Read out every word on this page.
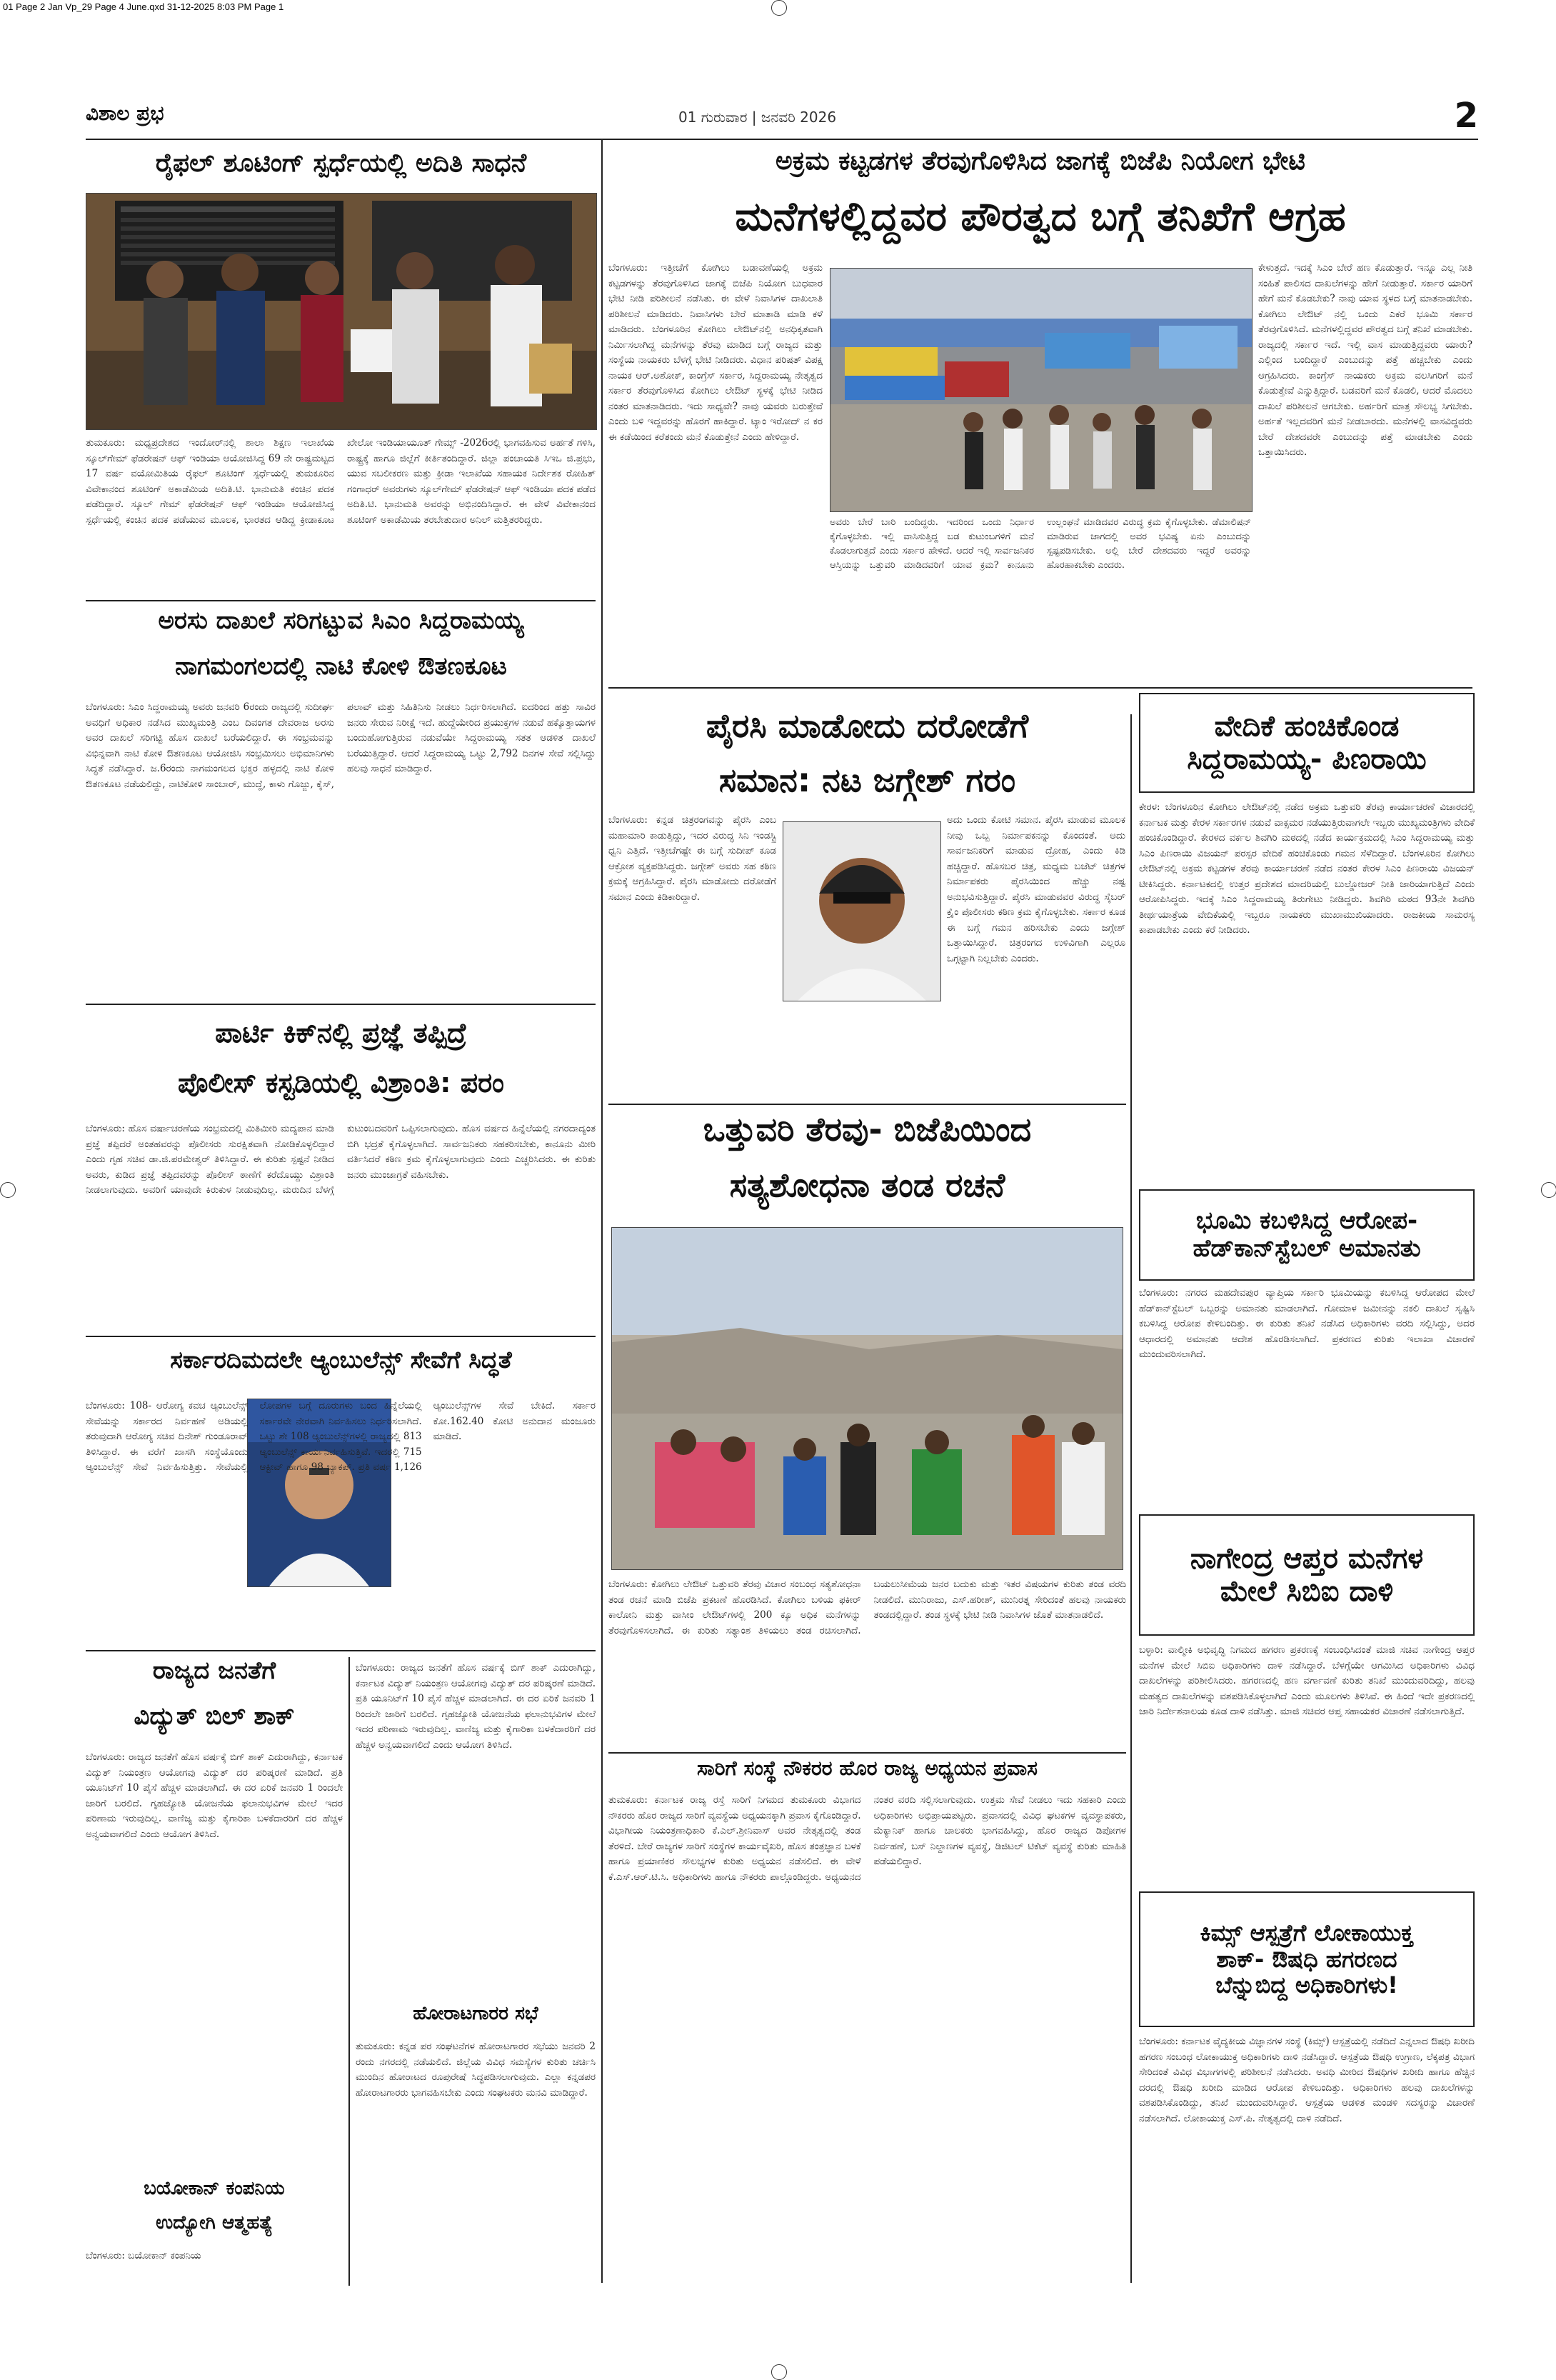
01 Page 2 Jan Vp_29 Page 4 June.qxd 31-12-2025 8:03 PM Page 1
ವಿಶಾಲ ಪ್ರಭ	01 ಗುರುವಾರ | ಜನವರಿ 2026	2
ರೈಫಲ್ ಶೂಟಿಂಗ್ ಸ್ಪರ್ಧೆಯಲ್ಲಿ ಅದಿತಿ ಸಾಧನೆ
ತುಮಕೂರು: ಮಧ್ಯಪ್ರದೇಶದ ಇಂದೋರ್‌ನಲ್ಲಿ ಶಾಲಾ ಶಿಕ್ಷಣ ಇಲಾಖೆಯ ಸ್ಕೂಲ್‌ಗೇಮ್ ಫೆಡರೇಷನ್ ಆಫ್ ಇಂಡಿಯಾ ಆಯೋಜಿಸಿದ್ದ 69 ನೇ ರಾಷ್ಟ್ರಮಟ್ಟದ 17 ವರ್ಷ ವಯೋಮಿತಿಯ ರೈಫಲ್ ಶೂಟಿಂಗ್ ಸ್ಪರ್ಧೆಯಲ್ಲಿ ತುಮಕೂರಿನ ವಿವೇಕಾನಂದ ಶೂಟಿಂಗ್ ಅಕಾಡೆಮಿಯ ಅದಿತಿ.ಟಿ. ಭಾನುಮತಿ ಕಂಚಿನ ಪದಕ ಪಡೆದಿದ್ದಾರೆ. ಸ್ಕೂಲ್ ಗೇಮ್ ಫೆಡರೇಷನ್ ಆಫ್ ಇಂಡಿಯಾ ಆಯೋಜಿಸಿದ್ದ ಸ್ಪರ್ಧೆಯಲ್ಲಿ ಕಂಚಿನ ಪದಕ ಪಡೆಯುವ ಮೂಲಕ, ಭಾರತದ ಆಡಿದ್ದ ಕ್ರೀಡಾಕೂಟ ಖೇಲೋ ಇಂಡಿಯಾಯೂತ್ ಗೇಮ್ಸ್ -2026ರಲ್ಲಿ ಭಾಗವಹಿಸುವ ಅರ್ಹತೆ ಗಳಿಸಿ, ರಾಷ್ಟ್ರಕ್ಕೆ ಹಾಗೂ ಜಿಲ್ಲೆಗೆ ಕೀರ್ತಿತಂದಿದ್ದಾರೆ. ಜಿಲ್ಲಾ ಪಂಚಾಯತಿ ಸಿಇಒ ಜಿ.ಪ್ರಭು, ಯುವ ಸಬಲೀಕರಣ ಮತ್ತು ಕ್ರೀಡಾ ಇಲಾಖೆಯ ಸಹಾಯಕ ನಿರ್ದೇಶಕ ರೋಹಿತ್ ಗಂಗಾಧರ್ ಅವರುಗಳು ಸ್ಕೂಲ್‌ಗೇಮ್ ಫೆಡರೇಷನ್ ಆಫ್ ಇಂಡಿಯಾ ಪದಕ ಪಡೆದ ಅದಿತಿ.ಟಿ. ಭಾನುಮತಿ ಅವರನ್ನು ಅಭಿನಂದಿಸಿದ್ದಾರೆ. ಈ ವೇಳೆ ವಿವೇಕಾನಂದ ಶೂಟಿಂಗ್ ಅಕಾಡೆಮಿಯ ತರಬೇತುದಾರ ಅನಿಲ್ ಮತ್ತಿತರರಿದ್ದರು.
ಅರಸು ದಾಖಲೆ ಸರಿಗಟ್ಟುವ ಸಿಎಂ ಸಿದ್ದರಾಮಯ್ಯ
ನಾಗಮಂಗಲದಲ್ಲಿ ನಾಟಿ ಕೋಳಿ ಔತಣಕೂಟ
ಬೆಂಗಳೂರು: ಸಿಎಂ ಸಿದ್ದರಾಮಯ್ಯ ಅವರು ಜನವರಿ 6ರಂದು ರಾಜ್ಯದಲ್ಲಿ ಸುದೀರ್ಘ ಅವಧಿಗೆ ಅಧಿಕಾರ ನಡೆಸಿದ ಮುಖ್ಯಮಂತ್ರಿ ಎಂಬ ದಿವಂಗತ ದೇವರಾಜ ಅರಸು ಅವರ ದಾಖಲೆ ಸರಿಗಟ್ಟಿ ಹೊಸ ದಾಖಲೆ ಬರೆಯಲಿದ್ದಾರೆ. ಈ ಸಂಭ್ರಮವನ್ನು ವಿಭಿನ್ನವಾಗಿ ನಾಟಿ ಕೋಳಿ ಔತಣಕೂಟ ಆಯೋಜಿಸಿ ಸಂಭ್ರಮಿಸಲು ಅಭಿಮಾನಿಗಳು ಸಿದ್ಧತೆ ನಡೆಸಿದ್ದಾರೆ. ಜ.6ರಂದು ನಾಗಮಂಗಲದ ಭಕ್ತರ ಹಳ್ಳದಲ್ಲಿ ನಾಟಿ ಕೋಳಿ ಔತಣಕೂಟ ನಡೆಯಲಿದ್ದು, ನಾಟಿಕೋಳಿ ಸಾಂಬಾರ್, ಮುದ್ದೆ, ಕಾಳು ಗೊಜ್ಜು, ಕೈಸ್, ಪಲಾವ್ ಮತ್ತು ಸಿಹಿತಿನಿಸು ನೀಡಲು ನಿರ್ಧರಿಸಲಾಗಿದೆ. ಐದರಿಂದ ಹತ್ತು ಸಾವಿರ ಜನರು ಸೇರುವ ನಿರೀಕ್ಷೆ ಇದೆ. ಹುದ್ದೆಯೇರಿದ ಪ್ರಯುಕ್ತಗಳ ನಡುವೆ ಹಕ್ಕೊತ್ತಾಯಗಳ ಬಂದುಹೋಗುತ್ತಿರುವ ನಡುವೆಯೇ ಸಿದ್ದರಾಮಯ್ಯ ಸತತ ಆಡಳಿತ ದಾಖಲೆ ಬರೆಯುತ್ತಿದ್ದಾರೆ. ಆದರೆ ಸಿದ್ದರಾಮಯ್ಯ ಒಟ್ಟು 2,792 ದಿನಗಳ ಸೇವೆ ಸಲ್ಲಿಸಿದ್ದು ಹಲವು ಸಾಧನೆ ಮಾಡಿದ್ದಾರೆ.
ಪಾರ್ಟಿ ಕಿಕ್‌ನಲ್ಲಿ ಪ್ರಜ್ಞೆ ತಪ್ಪಿದ್ರೆ
ಪೊಲೀಸ್ ಕಸ್ಟಡಿಯಲ್ಲಿ ವಿಶ್ರಾಂತಿ: ಪರಂ
ಬೆಂಗಳೂರು: ಹೊಸ ವರ್ಷಾಚರಣೆಯ ಸಂಭ್ರಮದಲ್ಲಿ ಮಿತಿಮೀರಿ ಮದ್ಯಪಾನ ಮಾಡಿ ಪ್ರಜ್ಞೆ ತಪ್ಪಿದರೆ ಅಂತಹವರನ್ನು ಪೊಲೀಸರು ಸುರಕ್ಷಿತವಾಗಿ ನೋಡಿಕೊಳ್ಳಲಿದ್ದಾರೆ ಎಂದು ಗೃಹ ಸಚಿವ ಡಾ.ಜಿ.ಪರಮೇಶ್ವರ್ ತಿಳಿಸಿದ್ದಾರೆ. ಈ ಕುರಿತು ಸ್ಪಷ್ಟನೆ ನೀಡಿದ ಅವರು, ಕುಡಿದ ಪ್ರಜ್ಞೆ ತಪ್ಪಿದವರನ್ನು ಪೊಲೀಸ್ ಠಾಣೆಗೆ ಕರೆದೊಯ್ದು ವಿಶ್ರಾಂತಿ ನೀಡಲಾಗುವುದು. ಅವರಿಗೆ ಯಾವುದೇ ಕಿರುಕುಳ ನೀಡುವುದಿಲ್ಲ. ಮರುದಿನ ಬೆಳಗ್ಗೆ ಕುಟುಂಬದವರಿಗೆ ಒಪ್ಪಿಸಲಾಗುವುದು. ಹೊಸ ವರ್ಷದ ಹಿನ್ನೆಲೆಯಲ್ಲಿ ನಗರದಾದ್ಯಂತ ಬಿಗಿ ಭದ್ರತೆ ಕೈಗೊಳ್ಳಲಾಗಿದೆ. ಸಾರ್ವಜನಿಕರು ಸಹಕರಿಸಬೇಕು, ಕಾನೂನು ಮೀರಿ ವರ್ತಿಸಿದರೆ ಕಠಿಣ ಕ್ರಮ ಕೈಗೊಳ್ಳಲಾಗುವುದು ಎಂದು ಎಚ್ಚರಿಸಿದರು. ಈ ಕುರಿತು ಜನರು ಮುಂಜಾಗ್ರತೆ ವಹಿಸಬೇಕು.
ಸರ್ಕಾರದಿಮದಲೇ ಆ್ಯಂಬುಲೆನ್ಸ್ ಸೇವೆಗೆ ಸಿದ್ಧತೆ
ಬೆಂಗಳೂರು: 108- ಆರೋಗ್ಯ ಕವಚ ಆ್ಯಂಬುಲೆನ್ಸ್ ಸೇವೆಯನ್ನು ಸರ್ಕಾರದ ನಿರ್ವಹಣೆ ಅಡಿಯಲ್ಲಿ ತರುವುದಾಗಿ ಆರೋಗ್ಯ ಸಚಿವ ದಿನೇಶ್ ಗುಂಡೂರಾವ್ ತಿಳಿಸಿದ್ದಾರೆ. ಈ ವರೆಗೆ ಖಾಸಗಿ ಸಂಸ್ಥೆಯೊಂದು ಆ್ಯಂಬುಲೆನ್ಸ್ ಸೇವೆ ನಿರ್ವಹಿಸುತ್ತಿತ್ತು. ಸೇವೆಯಲ್ಲಿ ಲೋಪಗಳ ಬಗ್ಗೆ ದೂರುಗಳು ಬಂದ ಹಿನ್ನೆಲೆಯಲ್ಲಿ ಸರ್ಕಾರವೇ ನೇರವಾಗಿ ನಿರ್ವಹಿಸಲು ನಿರ್ಧರಿಸಲಾಗಿದೆ. ಒಟ್ಟು ಶೇ 108 ಆ್ಯಂಬುಲೆನ್ಸ್‌ಗಳಲ್ಲಿ ರಾಜ್ಯದಲ್ಲಿ 813 ಆ್ಯಂಬುಲೆನ್ಸ್ ಕಾರ್ಯನಿರ್ವಹಿಸುತ್ತಿವೆ. ಇದರಲ್ಲಿ 715 ಆಕ್ಟೀವ್ ಹಾಗೂ 98 ಬ್ಯಾಕಪ್. ಪ್ರತಿ ವರ್ಷ 1,126 ಆ್ಯಂಬುಲೆನ್ಸ್‌ಗಳ ಸೇವೆ ಬೇಕಿದೆ. ಸರ್ಕಾರ ಕೋ.162.40 ಕೋಟಿ ಅನುದಾನ ಮಂಜೂರು ಮಾಡಿದೆ.
ರಾಜ್ಯದ ಜನತೆಗೆ
ವಿದ್ಯುತ್ ಬಿಲ್ ಶಾಕ್
ಬೆಂಗಳೂರು: ರಾಜ್ಯದ ಜನತೆಗೆ ಹೊಸ ವರ್ಷಕ್ಕೆ ಬಿಗ್ ಶಾಕ್ ಎದುರಾಗಿದ್ದು, ಕರ್ನಾಟಕ ವಿದ್ಯುತ್ ನಿಯಂತ್ರಣ ಆಯೋಗವು ವಿದ್ಯುತ್ ದರ ಪರಿಷ್ಕರಣೆ ಮಾಡಿದೆ. ಪ್ರತಿ ಯೂನಿಟ್‌ಗೆ 10 ಪೈಸೆ ಹೆಚ್ಚಳ ಮಾಡಲಾಗಿದೆ. ಈ ದರ ಏರಿಕೆ ಜನವರಿ 1 ರಿಂದಲೇ ಜಾರಿಗೆ ಬರಲಿದೆ. ಗೃಹಜ್ಯೋತಿ ಯೋಜನೆಯ ಫಲಾನುಭವಿಗಳ ಮೇಲೆ ಇದರ ಪರಿಣಾಮ ಇರುವುದಿಲ್ಲ. ವಾಣಿಜ್ಯ ಮತ್ತು ಕೈಗಾರಿಕಾ ಬಳಕೆದಾರರಿಗೆ ದರ ಹೆಚ್ಚಳ ಅನ್ವಯವಾಗಲಿದೆ ಎಂದು ಆಯೋಗ ತಿಳಿಸಿದೆ.
ಬಯೋಕಾನ್ ಕಂಪನಿಯ
ಉದ್ಯೋಗಿ ಆತ್ಮಹತ್ಯೆ
ಬೆಂಗಳೂರು: ಬಯೋಕಾನ್ ಕಂಪನಿಯ
ಬೆಂಗಳೂರು: ರಾಜ್ಯದ ಜನತೆಗೆ ಹೊಸ ವರ್ಷಕ್ಕೆ ಬಿಗ್ ಶಾಕ್ ಎದುರಾಗಿದ್ದು, ಕರ್ನಾಟಕ ವಿದ್ಯುತ್ ನಿಯಂತ್ರಣ ಆಯೋಗವು ವಿದ್ಯುತ್ ದರ ಪರಿಷ್ಕರಣೆ ಮಾಡಿದೆ. ಪ್ರತಿ ಯೂನಿಟ್‌ಗೆ 10 ಪೈಸೆ ಹೆಚ್ಚಳ ಮಾಡಲಾಗಿದೆ. ಈ ದರ ಏರಿಕೆ ಜನವರಿ 1 ರಿಂದಲೇ ಜಾರಿಗೆ ಬರಲಿದೆ. ಗೃಹಜ್ಯೋತಿ ಯೋಜನೆಯ ಫಲಾನುಭವಿಗಳ ಮೇಲೆ ಇದರ ಪರಿಣಾಮ ಇರುವುದಿಲ್ಲ. ವಾಣಿಜ್ಯ ಮತ್ತು ಕೈಗಾರಿಕಾ ಬಳಕೆದಾರರಿಗೆ ದರ ಹೆಚ್ಚಳ ಅನ್ವಯವಾಗಲಿದೆ ಎಂದು ಆಯೋಗ ತಿಳಿಸಿದೆ.
ಹೋರಾಟಗಾರರ ಸಭೆ
ತುಮಕೂರು: ಕನ್ನಡ ಪರ ಸಂಘಟನೆಗಳ ಹೋರಾಟಗಾರರ ಸಭೆಯು ಜನವರಿ 2 ರಂದು ನಗರದಲ್ಲಿ ನಡೆಯಲಿದೆ. ಜಿಲ್ಲೆಯ ವಿವಿಧ ಸಮಸ್ಯೆಗಳ ಕುರಿತು ಚರ್ಚಿಸಿ ಮುಂದಿನ ಹೋರಾಟದ ರೂಪುರೇಷೆ ಸಿದ್ಧಪಡಿಸಲಾಗುವುದು. ಎಲ್ಲಾ ಕನ್ನಡಪರ ಹೋರಾಟಗಾರರು ಭಾಗವಹಿಸಬೇಕು ಎಂದು ಸಂಘಟಕರು ಮನವಿ ಮಾಡಿದ್ದಾರೆ.
ಅಕ್ರಮ ಕಟ್ಟಡಗಳ ತೆರವುಗೊಳಿಸಿದ ಜಾಗಕ್ಕೆ ಬಿಜೆಪಿ ನಿಯೋಗ ಭೇಟಿ
ಮನೆಗಳಲ್ಲಿದ್ದವರ ಪೌರತ್ವದ ಬಗ್ಗೆ ತನಿಖೆಗೆ ಆಗ್ರಹ
ಬೆಂಗಳೂರು: ಇತ್ತೀಚೆಗೆ ಕೋಗಿಲು ಬಡಾವಣೆಯಲ್ಲಿ ಅಕ್ರಮ ಕಟ್ಟಡಗಳನ್ನು ತೆರವುಗೊಳಿಸಿದ ಜಾಗಕ್ಕೆ ಬಿಜೆಪಿ ನಿಯೋಗ ಬುಧವಾರ ಭೇಟಿ ನೀಡಿ ಪರಿಶೀಲನೆ ನಡೆಸಿತು. ಈ ವೇಳೆ ನಿವಾಸಿಗಳ ದಾಖಲಾತಿ ಪರಿಶೀಲನೆ ಮಾಡಿದರು. ನಿವಾಸಿಗಳು ಬೇರೆ ಮಾತಾಡಿ ಮಾಡಿ ಕಳೆ ಮಾಡಿದರು. ಬೆಂಗಳೂರಿನ ಕೋಗಿಲು ಲೇಔಟ್‌ನಲ್ಲಿ ಅನಧಿಕೃತವಾಗಿ ನಿರ್ಮಿಸಲಾಗಿದ್ದ ಮನೆಗಳನ್ನು ತೆರವು ಮಾಡಿದ ಬಗ್ಗೆ ರಾಜ್ಯದ ಮತ್ತು ಸಂಸ್ಥೆಯ ನಾಯಕರು ಬೆಳಗ್ಗೆ ಭೇಟಿ ನೀಡಿದರು. ವಿಧಾನ ಪರಿಷತ್ ವಿಪಕ್ಷ ನಾಯಕ ಆರ್.ಅಶೋಕ್, ಕಾಂಗ್ರೆಸ್ ಸರ್ಕಾರ, ಸಿದ್ದರಾಮಯ್ಯ ನೇತೃತ್ವದ ಸರ್ಕಾರ ತೆರವುಗೊಳಿಸಿದ ಕೋಗಿಲು ಲೇಔಟ್ ಸ್ಥಳಕ್ಕೆ ಭೇಟಿ ನೀಡಿದ ನಂತರ ಮಾತನಾಡಿದರು. ಇದು ಸಾಧ್ಯವೇ? ನಾವು ಯವರು ಬರುತ್ತೇವೆ ಎಂದು ಬಳಿ ಇದ್ದವರನ್ನು ಹೊರಗೆ ಹಾಕಿದ್ದಾರೆ. ಟ್ಯಾಂ ಇರೋದ್ ನ ಕರ ಈ ಕಡೆಯಿಂದ ಕರೆತಂದು ಮನೆ ಕೊಡುತ್ತೇನೆ ಎಂದು ಹೇಳಿದ್ದಾರೆ.
ಅವರು ಬೇರೆ ಬಾರಿ ಬಂದಿದ್ದರು. ಇದರಿಂದ ಒಂದು ನಿರ್ಧಾರ ಕೈಗೊಳ್ಳಬೇಕು. ಇಲ್ಲಿ ವಾಸಿಸುತ್ತಿದ್ದ ಬಡ ಕುಟುಂಬಗಳಿಗೆ ಮನೆ ಕೊಡಲಾಗುತ್ತದೆ ಎಂದು ಸರ್ಕಾರ ಹೇಳಿದೆ. ಆದರೆ ಇಲ್ಲಿ ಸಾರ್ವಜನಿಕರ ಆಸ್ತಿಯನ್ನು ಒತ್ತುವರಿ ಮಾಡಿದವರಿಗೆ ಯಾವ ಕ್ರಮ? ಕಾನೂನು ಉಲ್ಲಂಘನೆ ಮಾಡಿದವರ ವಿರುದ್ಧ ಕ್ರಮ ಕೈಗೊಳ್ಳಬೇಕು. ಡೆಮಾಲಿಷನ್ ಮಾಡಿರುವ ಜಾಗದಲ್ಲಿ ಅವರ ಭವಿಷ್ಯ ಏನು ಎಂಬುದನ್ನು ಸ್ಪಷ್ಟಪಡಿಸಬೇಕು. ಅಲ್ಲಿ ಬೇರೆ ದೇಶದವರು ಇದ್ದರೆ ಅವರನ್ನು ಹೊರಹಾಕಬೇಕು ಎಂದರು.
ಕೇಳುತ್ತದೆ. ಇದಕ್ಕೆ ಸಿಎಂ ಬೇರೆ ಹಣ ಕೊಡುತ್ತಾರೆ. ಇನ್ನೂ ಎಲ್ಲ ನೀತಿ ಸಂಹಿತೆ ಪಾಲಿಸದ ದಾಖಲೆಗಳನ್ನು ಹೇಗೆ ನೀಡುತ್ತಾರೆ. ಸರ್ಕಾರ ಯಾರಿಗೆ ಹೇಗೆ ಮನೆ ಕೊಡಬೇಕು? ನಾವು ಯಾವ ಸ್ಥಳದ ಬಗ್ಗೆ ಮಾತನಾಡಬೇಕು. ಕೋಗಿಲು ಲೇಔಟ್ ನಲ್ಲಿ ಒಂದು ಎಕರೆ ಭೂಮಿ ಸರ್ಕಾರ ತೆರವುಗೊಳಿಸಿದೆ. ಮನೆಗಳಲ್ಲಿದ್ದವರ ಪೌರತ್ವದ ಬಗ್ಗೆ ತನಿಖೆ ಮಾಡಬೇಕು. ರಾಜ್ಯದಲ್ಲಿ ಸರ್ಕಾರ ಇದೆ. ಇಲ್ಲಿ ವಾಸ ಮಾಡುತ್ತಿದ್ದವರು ಯಾರು? ಎಲ್ಲಿಂದ ಬಂದಿದ್ದಾರೆ ಎಂಬುದನ್ನು ಪತ್ತೆ ಹಚ್ಚಬೇಕು ಎಂದು ಆಗ್ರಹಿಸಿದರು. ಕಾಂಗ್ರೆಸ್ ನಾಯಕರು ಅಕ್ರಮ ವಲಸಿಗರಿಗೆ ಮನೆ ಕೊಡುತ್ತೇವೆ ಎನ್ನುತ್ತಿದ್ದಾರೆ. ಬಡವರಿಗೆ ಮನೆ ಕೊಡಲಿ, ಆದರೆ ಮೊದಲು ದಾಖಲೆ ಪರಿಶೀಲನೆ ಆಗಬೇಕು. ಅರ್ಹರಿಗೆ ಮಾತ್ರ ಸೌಲಭ್ಯ ಸಿಗಬೇಕು. ಅರ್ಹತೆ ಇಲ್ಲದವರಿಗೆ ಮನೆ ನೀಡಬಾರದು. ಮನೆಗಳಲ್ಲಿ ವಾಸವಿದ್ದವರು ಬೇರೆ ದೇಶದವರೇ ಎಂಬುದನ್ನು ಪತ್ತೆ ಮಾಡಬೇಕು ಎಂದು ಒತ್ತಾಯಿಸಿದರು.
ಪೈರಸಿ ಮಾಡೋದು ದರೋಡೆಗೆ
ಸಮಾನ: ನಟ ಜಗ್ಗೇಶ್ ಗರಂ
ಬೆಂಗಳೂರು: ಕನ್ನಡ ಚಿತ್ರರಂಗವನ್ನು ಪೈರಸಿ ಎಂಬ ಮಹಾಮಾರಿ ಕಾಡುತ್ತಿದ್ದು, ಇದರ ವಿರುದ್ಧ ಸಿನಿ ಇಂಡಸ್ಟ್ರಿ ಧ್ವನಿ ಎತ್ತಿದೆ. ಇತ್ತೀಚೆಗಷ್ಟೇ ಈ ಬಗ್ಗೆ ಸುದೀಪ್ ಕೂಡ ಆಕ್ರೋಶ ವ್ಯಕ್ತಪಡಿಸಿದ್ದರು. ಜಗ್ಗೇಶ್ ಅವರು ಸಹ ಕಠಿಣ ಕ್ರಮಕ್ಕೆ ಆಗ್ರಹಿಸಿದ್ದಾರೆ. ಪೈರಸಿ ಮಾಡೋದು ದರೋಡೆಗೆ ಸಮಾನ ಎಂದು ಕಿಡಿಕಾರಿದ್ದಾರೆ.
ಅದು ಒಂದು ಕೋಟಿ ಸಮಾನ. ಪೈರಸಿ ಮಾಡುವ ಮೂಲಕ ನೀವು ಒಬ್ಬ ನಿರ್ಮಾಪಕನನ್ನು ಕೊಂದಂತೆ. ಅದು ಸಾರ್ವಜನಿಕರಿಗೆ ಮಾಡುವ ದ್ರೋಹ, ಎಂದು ಕಿಡಿ ಹಚ್ಚಿದ್ದಾರೆ. ಹೊಸಬರ ಚಿತ್ರ, ಮಧ್ಯಮ ಬಜೆಟ್ ಚಿತ್ರಗಳ ನಿರ್ಮಾಪಕರು ಪೈರಸಿಯಿಂದ ಹೆಚ್ಚು ನಷ್ಟ ಅನುಭವಿಸುತ್ತಿದ್ದಾರೆ. ಪೈರಸಿ ಮಾಡುವವರ ವಿರುದ್ಧ ಸೈಬರ್ ಕ್ರೈಂ ಪೊಲೀಸರು ಕಠಿಣ ಕ್ರಮ ಕೈಗೊಳ್ಳಬೇಕು. ಸರ್ಕಾರ ಕೂಡ ಈ ಬಗ್ಗೆ ಗಮನ ಹರಿಸಬೇಕು ಎಂದು ಜಗ್ಗೇಶ್ ಒತ್ತಾಯಿಸಿದ್ದಾರೆ. ಚಿತ್ರರಂಗದ ಉಳಿವಿಗಾಗಿ ಎಲ್ಲರೂ ಒಗ್ಗಟ್ಟಾಗಿ ನಿಲ್ಲಬೇಕು ಎಂದರು.
ಒತ್ತುವರಿ ತೆರವು- ಬಿಜೆಪಿಯಿಂದ
ಸತ್ಯಶೋಧನಾ ತಂಡ ರಚನೆ
ಬೆಂಗಳೂರು: ಕೋಗಿಲು ಲೇಔಟ್ ಒತ್ತುವರಿ ತೆರವು ವಿಚಾರ ಸಂಬಂಧ ಸತ್ಯಶೋಧನಾ ತಂಡ ರಚನೆ ಮಾಡಿ ಬಿಜೆಪಿ ಪ್ರಕಟಣೆ ಹೊರಡಿಸಿದೆ. ಕೋಗಿಲು ಬಳಿಯ ಫಕೀರ್ ಕಾಲೋನಿ ಮತ್ತು ವಾಸೀಂ ಲೇಔಟ್‌ಗಳಲ್ಲಿ 200 ಕ್ಕೂ ಅಧಿಕ ಮನೆಗಳನ್ನು ತೆರವುಗೊಳಿಸಲಾಗಿದೆ. ಈ ಕುರಿತು ಸತ್ಯಾಂಶ ತಿಳಿಯಲು ತಂಡ ರಚಿಸಲಾಗಿದೆ. ಬಯಲುಸೀಮೆಯ ಜನರ ಬದುಕು ಮತ್ತು ಇತರ ವಿಷಯಗಳ ಕುರಿತು ತಂಡ ವರದಿ ನೀಡಲಿದೆ. ಮುನಿರಾಜು, ಎಸ್.ಹರೀಶ್, ಮುನಿರತ್ನ ಸೇರಿದಂತೆ ಹಲವು ನಾಯಕರು ತಂಡದಲ್ಲಿದ್ದಾರೆ. ತಂಡ ಸ್ಥಳಕ್ಕೆ ಭೇಟಿ ನೀಡಿ ನಿವಾಸಿಗಳ ಜೊತೆ ಮಾತನಾಡಲಿದೆ.
ಸಾರಿಗೆ ಸಂಸ್ಥೆ ನೌಕರರ ಹೊರ ರಾಜ್ಯ ಅಧ್ಯಯನ ಪ್ರವಾಸ
ತುಮಕೂರು: ಕರ್ನಾಟಕ ರಾಜ್ಯ ರಸ್ತೆ ಸಾರಿಗೆ ನಿಗಮದ ತುಮಕೂರು ವಿಭಾಗದ ನೌಕರರು ಹೊರ ರಾಜ್ಯದ ಸಾರಿಗೆ ವ್ಯವಸ್ಥೆಯ ಅಧ್ಯಯನಕ್ಕಾಗಿ ಪ್ರವಾಸ ಕೈಗೊಂಡಿದ್ದಾರೆ. ವಿಭಾಗೀಯ ನಿಯಂತ್ರಣಾಧಿಕಾರಿ ಕೆ.ಎಲ್.ಶ್ರೀನಿವಾಸ್ ಅವರ ನೇತೃತ್ವದಲ್ಲಿ ತಂಡ ತೆರಳಿದೆ. ಬೇರೆ ರಾಜ್ಯಗಳ ಸಾರಿಗೆ ಸಂಸ್ಥೆಗಳ ಕಾರ್ಯವೈಖರಿ, ಹೊಸ ತಂತ್ರಜ್ಞಾನ ಬಳಕೆ ಹಾಗೂ ಪ್ರಯಾಣಿಕರ ಸೌಲಭ್ಯಗಳ ಕುರಿತು ಅಧ್ಯಯನ ನಡೆಸಲಿದೆ. ಈ ವೇಳೆ ಕೆ.ಎಸ್.ಆರ್.ಟಿ.ಸಿ. ಅಧಿಕಾರಿಗಳು ಹಾಗೂ ನೌಕರರು ಪಾಲ್ಗೊಂಡಿದ್ದರು. ಅಧ್ಯಯನದ ನಂತರ ವರದಿ ಸಲ್ಲಿಸಲಾಗುವುದು. ಉತ್ತಮ ಸೇವೆ ನೀಡಲು ಇದು ಸಹಕಾರಿ ಎಂದು ಅಧಿಕಾರಿಗಳು ಅಭಿಪ್ರಾಯಪಟ್ಟರು. ಪ್ರವಾಸದಲ್ಲಿ ವಿವಿಧ ಘಟಕಗಳ ವ್ಯವಸ್ಥಾಪಕರು, ಮೆಕ್ಯಾನಿಕ್ ಹಾಗೂ ಚಾಲಕರು ಭಾಗವಹಿಸಿದ್ದು, ಹೊರ ರಾಜ್ಯದ ಡಿಪೋಗಳ ನಿರ್ವಹಣೆ, ಬಸ್ ನಿಲ್ದಾಣಗಳ ವ್ಯವಸ್ಥೆ, ಡಿಜಿಟಲ್ ಟಿಕೆಟ್ ವ್ಯವಸ್ಥೆ ಕುರಿತು ಮಾಹಿತಿ ಪಡೆಯಲಿದ್ದಾರೆ.
ವೇದಿಕೆ ಹಂಚಿಕೊಂಡ
ಸಿದ್ದರಾಮಯ್ಯ- ಪಿಣರಾಯಿ
ಕೇರಳ: ಬೆಂಗಳೂರಿನ ಕೋಗಿಲು ಲೇಔಟ್‌ನಲ್ಲಿ ನಡೆದ ಅಕ್ರಮ ಒತ್ತುವರಿ ತೆರವು ಕಾರ್ಯಾಚರಣೆ ವಿಚಾರದಲ್ಲಿ ಕರ್ನಾಟಕ ಮತ್ತು ಕೇರಳ ಸರ್ಕಾರಗಳ ನಡುವೆ ವಾಕ್ಸಮರ ನಡೆಯುತ್ತಿರುವಾಗಲೇ ಇಬ್ಬರು ಮುಖ್ಯಮಂತ್ರಿಗಳು ವೇದಿಕೆ ಹಂಚಿಕೊಂಡಿದ್ದಾರೆ. ಕೇರಳದ ವರ್ಕಲ ಶಿವಗಿರಿ ಮಠದಲ್ಲಿ ನಡೆದ ಕಾರ್ಯಕ್ರಮದಲ್ಲಿ ಸಿಎಂ ಸಿದ್ದರಾಮಯ್ಯ ಮತ್ತು ಸಿಎಂ ಪಿಣರಾಯಿ ವಿಜಯನ್ ಪರಸ್ಪರ ವೇದಿಕೆ ಹಂಚಿಕೊಂಡು ಗಮನ ಸೆಳೆದಿದ್ದಾರೆ. ಬೆಂಗಳೂರಿನ ಕೋಗಿಲು ಲೇಔಟ್‌ನಲ್ಲಿ ಅಕ್ರಮ ಕಟ್ಟಡಗಳ ತೆರವು ಕಾರ್ಯಾಚರಣೆ ನಡೆದ ನಂತರ ಕೇರಳ ಸಿಎಂ ಪಿಣರಾಯಿ ವಿಜಯನ್ ಟೀಕಿಸಿದ್ದರು. ಕರ್ನಾಟಕದಲ್ಲಿ ಉತ್ತರ ಪ್ರದೇಶದ ಮಾದರಿಯಲ್ಲಿ ಬುಲ್ಡೋಜರ್ ನೀತಿ ಜಾರಿಯಾಗುತ್ತಿದೆ ಎಂದು ಆರೋಪಿಸಿದ್ದರು. ಇದಕ್ಕೆ ಸಿಎಂ ಸಿದ್ದರಾಮಯ್ಯ ತಿರುಗೇಟು ನೀಡಿದ್ದರು. ಶಿವಗಿರಿ ಮಠದ 93ನೇ ಶಿವಗಿರಿ ತೀರ್ಥಯಾತ್ರೆಯ ವೇದಿಕೆಯಲ್ಲಿ ಇಬ್ಬರೂ ನಾಯಕರು ಮುಖಾಮುಖಿಯಾದರು. ರಾಜಕೀಯ ಸಾಮರಸ್ಯ ಕಾಪಾಡಬೇಕು ಎಂದು ಕರೆ ನೀಡಿದರು.
ಭೂಮಿ ಕಬಳಿಸಿದ್ದ ಆರೋಪ-
ಹೆಡ್‌ಕಾನ್‌ಸ್ಟೆಬಲ್ ಅಮಾನತು
ಬೆಂಗಳೂರು: ನಗರದ ಮಹದೇವಪುರ ವ್ಯಾಪ್ತಿಯ ಸರ್ಕಾರಿ ಭೂಮಿಯನ್ನು ಕಬಳಿಸಿದ್ದ ಆರೋಪದ ಮೇಲೆ ಹೆಡ್‌ಕಾನ್‌ಸ್ಟೆಬಲ್ ಒಬ್ಬರನ್ನು ಅಮಾನತು ಮಾಡಲಾಗಿದೆ. ಗೋಮಾಳ ಜಮೀನನ್ನು ನಕಲಿ ದಾಖಲೆ ಸೃಷ್ಟಿಸಿ ಕಬಳಿಸಿದ್ದ ಆರೋಪ ಕೇಳಿಬಂದಿತ್ತು. ಈ ಕುರಿತು ತನಿಖೆ ನಡೆಸಿದ ಅಧಿಕಾರಿಗಳು ವರದಿ ಸಲ್ಲಿಸಿದ್ದು, ಅದರ ಆಧಾರದಲ್ಲಿ ಅಮಾನತು ಆದೇಶ ಹೊರಡಿಸಲಾಗಿದೆ. ಪ್ರಕರಣದ ಕುರಿತು ಇಲಾಖಾ ವಿಚಾರಣೆ ಮುಂದುವರಿಸಲಾಗಿದೆ.
ನಾಗೇಂದ್ರ ಆಪ್ತರ ಮನೆಗಳ
ಮೇಲೆ ಸಿಬಿಐ ದಾಳಿ
ಬಳ್ಳಾರಿ: ವಾಲ್ಮೀಕಿ ಅಭಿವೃದ್ಧಿ ನಿಗಮದ ಹಗರಣ ಪ್ರಕರಣಕ್ಕೆ ಸಂಬಂಧಿಸಿದಂತೆ ಮಾಜಿ ಸಚಿವ ನಾಗೇಂದ್ರ ಆಪ್ತರ ಮನೆಗಳ ಮೇಲೆ ಸಿಬಿಐ ಅಧಿಕಾರಿಗಳು ದಾಳಿ ನಡೆಸಿದ್ದಾರೆ. ಬೆಳಗ್ಗೆಯೇ ಆಗಮಿಸಿದ ಅಧಿಕಾರಿಗಳು ವಿವಿಧ ದಾಖಲೆಗಳನ್ನು ಪರಿಶೀಲಿಸಿದರು. ಹಗರಣದಲ್ಲಿ ಹಣ ವರ್ಗಾವಣೆ ಕುರಿತು ತನಿಖೆ ಮುಂದುವರಿದಿದ್ದು, ಹಲವು ಮಹತ್ವದ ದಾಖಲೆಗಳನ್ನು ವಶಪಡಿಸಿಕೊಳ್ಳಲಾಗಿದೆ ಎಂದು ಮೂಲಗಳು ತಿಳಿಸಿವೆ. ಈ ಹಿಂದೆ ಇದೇ ಪ್ರಕರಣದಲ್ಲಿ ಜಾರಿ ನಿರ್ದೇಶನಾಲಯ ಕೂಡ ದಾಳಿ ನಡೆಸಿತ್ತು. ಮಾಜಿ ಸಚಿವರ ಆಪ್ತ ಸಹಾಯಕರ ವಿಚಾರಣೆ ನಡೆಸಲಾಗುತ್ತಿದೆ.
ಕಿಮ್ಸ್ ಆಸ್ಪತ್ರೆಗೆ ಲೋಕಾಯುಕ್ತ
ಶಾಕ್- ಔಷಧಿ ಹಗರಣದ
ಬೆನ್ನುಬಿದ್ದ ಅಧಿಕಾರಿಗಳು!
ಬೆಂಗಳೂರು: ಕರ್ನಾಟಕ ವೈದ್ಯಕೀಯ ವಿಜ್ಞಾನಗಳ ಸಂಸ್ಥೆ (ಕಿಮ್ಸ್) ಆಸ್ಪತ್ರೆಯಲ್ಲಿ ನಡೆದಿದೆ ಎನ್ನಲಾದ ಔಷಧಿ ಖರೀದಿ ಹಗರಣ ಸಂಬಂಧ ಲೋಕಾಯುಕ್ತ ಅಧಿಕಾರಿಗಳು ದಾಳಿ ನಡೆಸಿದ್ದಾರೆ. ಆಸ್ಪತ್ರೆಯ ಔಷಧಿ ಉಗ್ರಾಣ, ಲೆಕ್ಕಪತ್ರ ವಿಭಾಗ ಸೇರಿದಂತೆ ವಿವಿಧ ವಿಭಾಗಗಳಲ್ಲಿ ಪರಿಶೀಲನೆ ನಡೆಸಿದರು. ಅವಧಿ ಮೀರಿದ ಔಷಧಿಗಳ ಖರೀದಿ ಹಾಗೂ ಹೆಚ್ಚಿನ ದರದಲ್ಲಿ ಔಷಧಿ ಖರೀದಿ ಮಾಡಿದ ಆರೋಪ ಕೇಳಿಬಂದಿತ್ತು. ಅಧಿಕಾರಿಗಳು ಹಲವು ದಾಖಲೆಗಳನ್ನು ವಶಪಡಿಸಿಕೊಂಡಿದ್ದು, ತನಿಖೆ ಮುಂದುವರಿಸಿದ್ದಾರೆ. ಆಸ್ಪತ್ರೆಯ ಆಡಳಿತ ಮಂಡಳಿ ಸದಸ್ಯರನ್ನು ವಿಚಾರಣೆ ನಡೆಸಲಾಗಿದೆ. ಲೋಕಾಯುಕ್ತ ಎಸ್.ಪಿ. ನೇತೃತ್ವದಲ್ಲಿ ದಾಳಿ ನಡೆದಿದೆ.
